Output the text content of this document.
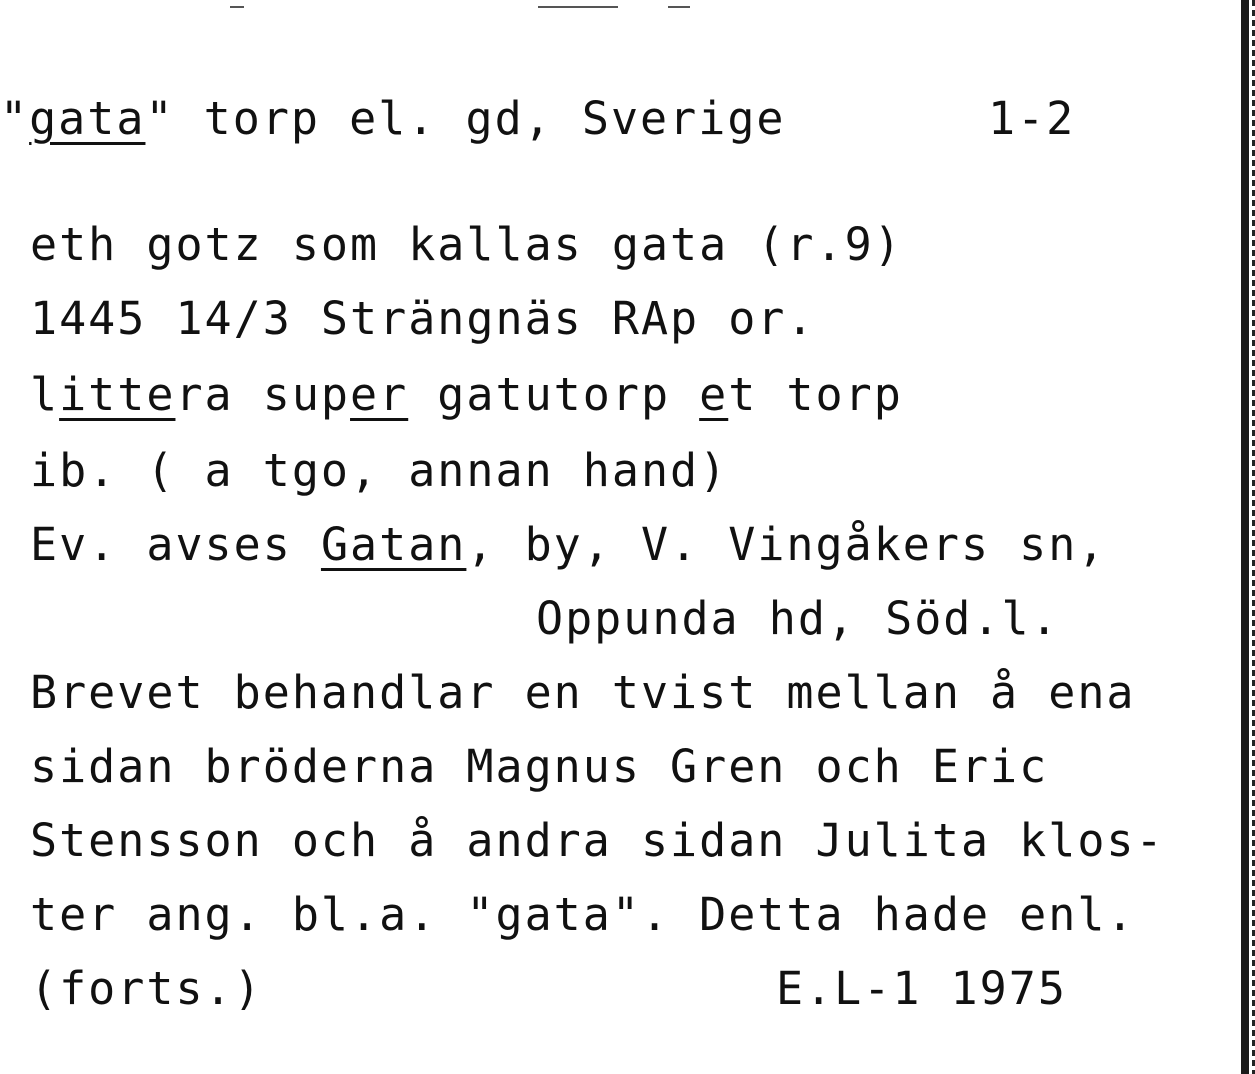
"gata" torp el. gd, Sverige	1-2
eth gotz som kallas gata (r.9)
1445 14/3 Strängnäs RAp or.
littera super gatutorp et torp
ib. ( a tgo, annan hand)
Ev. avses Gatan, by, V. Vingåkers sn,
Oppunda hd, Söd.l.
Brevet behandlar en tvist mellan å ena
sidan bröderna Magnus Gren och Eric
Stensson och å andra sidan Julita klos-
ter ang. bl.a. "gata". Detta hade enl.
(forts.)	E.L-1 1975
